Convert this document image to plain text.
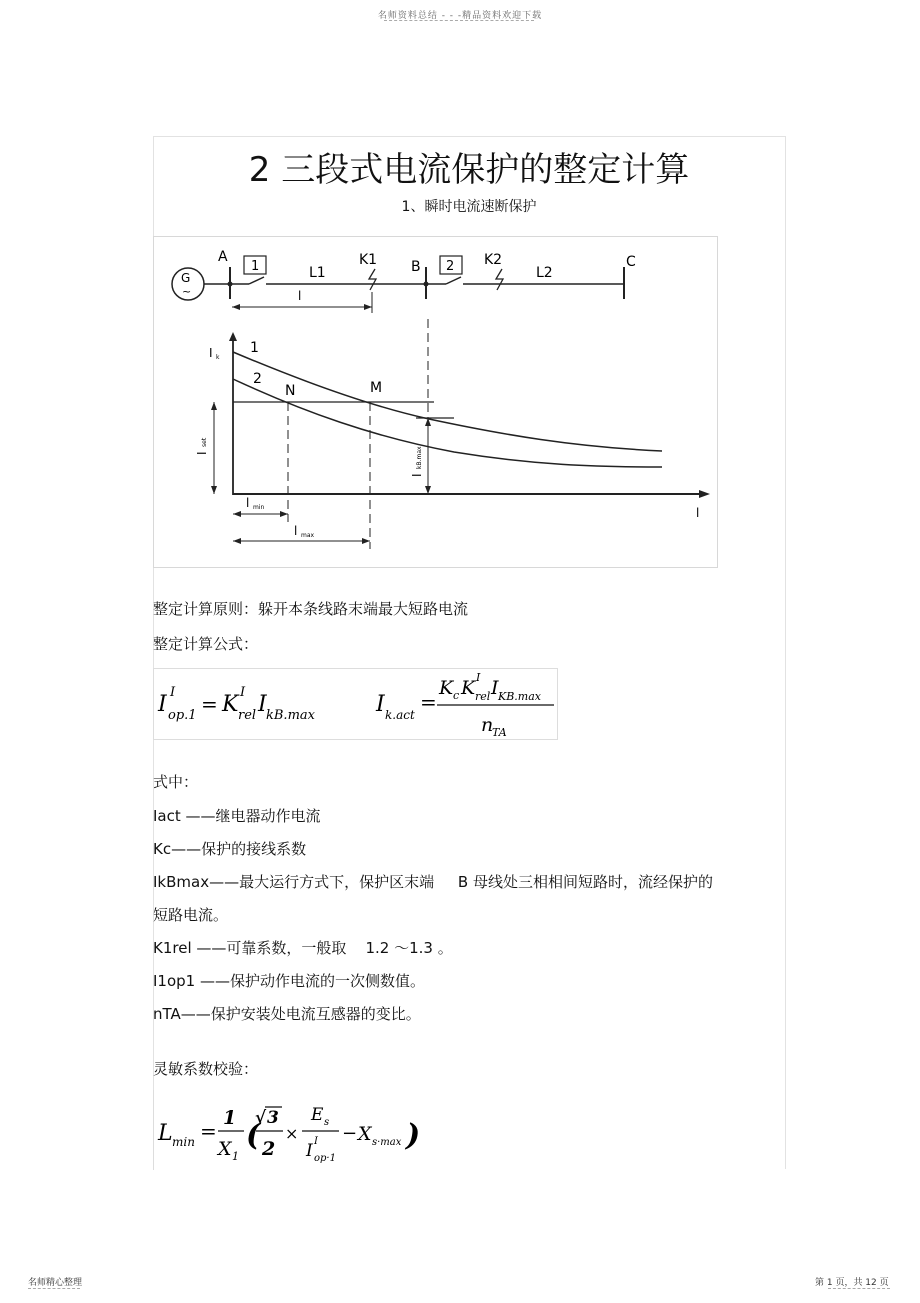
名师资料总结 - - -精品资料欢迎下载
2 三段式电流保护的整定计算
1、瞬时电流速断保护
G
~
A
1	L1
K1 B 2 K2
L2
C
l
l
I k
1
2
N	M
I
set
I
kB.max
l min
l max
整定计算原则：躲开本条线路末端最大短路电流
整定计算公式：
I I
op.1 = K I
rel I kB.max	I k.act
=
K c K I
rel I KB.max
n
TA
式中：
Iact ——继电器动作电流
Kc——保护的接线系数
IkBmax——最大运行方式下，保护区末端     B 母线处三相相间短路时，流经保护的
短路电流。
K1rel ——可靠系数，一般取    1.2 ～1.3 。
I1op1 ——保护动作电流的一次侧数值。
nTA——保护安装处电流互感器的变比。
灵敏系数校验：
L min =
1
X 1
(
√ 3
2
×
E s
I I
op·1
− X s·max )
名师精心整理	第 1 页，共 12 页
